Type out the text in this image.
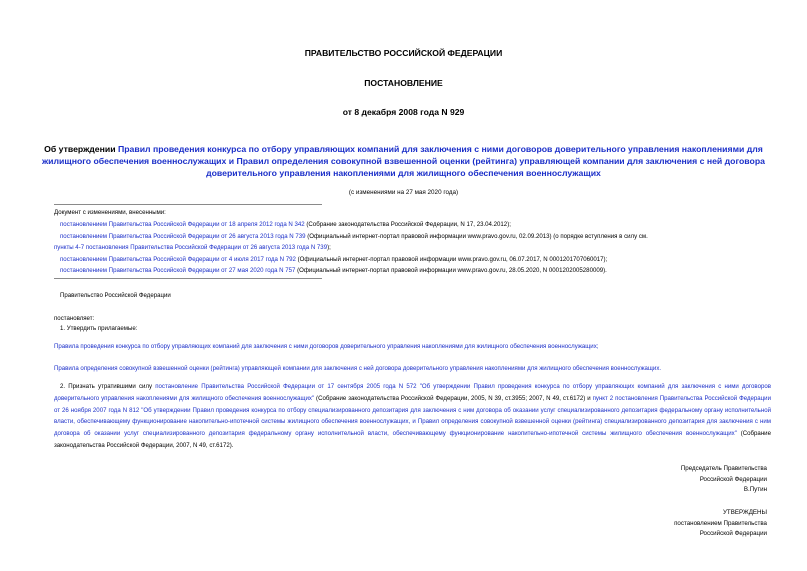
ПРАВИТЕЛЬСТВО РОССИЙСКОЙ ФЕДЕРАЦИИ
ПОСТАНОВЛЕНИЕ
от 8 декабря 2008 года N 929
Об утверждении Правил проведения конкурса по отбору управляющих компаний для заключения с ними договоров доверительного управления накоплениями для жилищного обеспечения военнослужащих и Правил определения совокупной взвешенной оценки (рейтинга) управляющей компании для заключения с ней договора доверительного управления накоплениями для жилищного обеспечения военнослужащих
(с изменениями на 27 мая 2020 года)
Документ с изменениями, внесенными:
постановлением Правительства Российской Федерации от 18 апреля 2012 года N 342 (Собрание законодательства Российской Федерации, N 17, 23.04.2012);
постановлением Правительства Российской Федерации от 26 августа 2013 года N 739 (Официальный интернет-портал правовой информации www.pravo.gov.ru, 02.09.2013) (о порядке вступления в силу см.
пункты 4-7 постановления Правительства Российской Федерации от 26 августа 2013 года N 739);
постановлением Правительства Российской Федерации от 4 июля 2017 года N 792 (Официальный интернет-портал правовой информации www.pravo.gov.ru, 06.07.2017, N 0001201707060017);
постановлением Правительства Российской Федерации от 27 мая 2020 года N 757 (Официальный интернет-портал правовой информации www.pravo.gov.ru, 28.05.2020, N 0001202005280009).
Правительство Российской Федерации
постановляет:
1. Утвердить прилагаемые:
Правила проведения конкурса по отбору управляющих компаний для заключения с ними договоров доверительного управления накоплениями для жилищного обеспечения военнослужащих;
Правила определения совокупной взвешенной оценки (рейтинга) управляющей компании для заключения с ней договора доверительного управления накоплениями для жилищного обеспечения военнослужащих.
2. Признать утратившими силу постановление Правительства Российской Федерации от 17 сентября 2005 года N 572 "Об утверждении Правил проведения конкурса по отбору управляющих компаний для заключения с ними договоров доверительного управления накоплениями для жилищного обеспечения военнослужащих" (Собрание законодательства Российской Федерации, 2005, N 39, ст.3955; 2007, N 49, ст.6172) и пункт 2 постановления Правительства Российской Федерации от 26 ноября 2007 года N 812 "Об утверждении Правил проведения конкурса по отбору специализированного депозитария для заключения с ним договора об оказании услуг специализированного депозитария федеральному органу исполнительной власти, обеспечивающему функционирование накопительно-ипотечной системы жилищного обеспечения военнослужащих, и Правил определения совокупной взвешенной оценки (рейтинга) специализированного депозитария для заключения с ним договора об оказании услуг специализированного депозитария федеральному органу исполнительной власти, обеспечивающему функционирование накопительно-ипотечной системы жилищного обеспечения военнослужащих" (Собрание законодательства Российской Федерации, 2007, N 49, ст.6172).
Председатель Правительства
Российской Федерации
В.Путин
УТВЕРЖДЕНЫ
постановлением Правительства
Российской Федерации
